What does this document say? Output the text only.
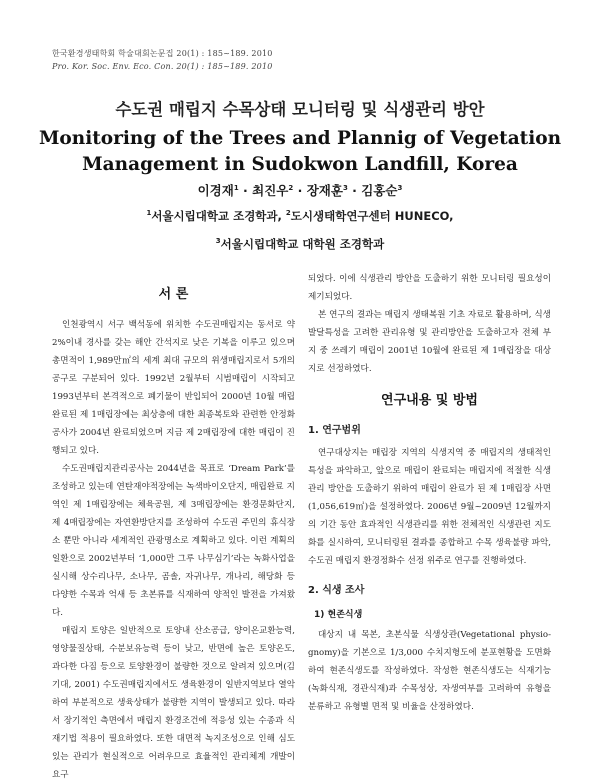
한국환경생태학회 학술대회논문집 20(1) : 185~189. 2010
Pro. Kor. Soc. Env. Eco. Con. 20(1) : 185~189. 2010
수도권 매립지 수목상태 모니터링 및 식생관리 방안
Monitoring of the Trees and Plannig of Vegetation Management in Sudokwon Landfill, Korea
이경재$^1$ · 최진우$^2$ · 장재훈$^3$ · 김홍순$^3$
$^1$서울시립대학교 조경학과, $^2$도시생태학연구센터 HUNECO,
$^3$서울시립대학교 대학원 조경학과
서 론

인천광역시 서구 백석동에 위치한 수도권매립지는 동서로 약 2%이내 경사를 갖는 해안 간석지로 낮은 기복을 이루고 있으며 총면적이 1,989만㎡의 세계 최대 규모의 위생매립지로서 5개의 공구로 구분되어 있다. 1992년 2월부터 시범매립이 시작되고 1993년부터 본격적으로 폐기물이 반입되어 2000년 10월 매립 완료된 제 1매립장에는 최상층에 대한 최종복토와 관련한 안정화공사가 2004년 완료되었으며 지금 제 2매립장에 대한 매립이 진행되고 있다.

수도권매립지관리공사는 2044년을 목표로 ‘Dream Park’를 조성하고 있는데 연탄재야적장에는 녹색바이오단지, 매립완료 지역인 제 1매립장에는 체육공원, 제 3매립장에는 환경문화단지, 제 4매립장에는 자연환방단지를 조성하여 수도권 주민의 휴식장소 뿐만 아니라 세계적인 관광명소로 계획하고 있다. 이런 계획의 일환으로 2002년부터 ‘1,000만 그루 나무심기’라는 녹화사업을 실시해 상수리나무, 소나무, 곰솔, 자귀나무, 개나리, 해당화 등 다양한 수목과 억새 등 초본류를 식재하여 양적인 발전을 가져왔다.

매립지 토양은 일반적으로 토양내 산소공급, 양이온교환능력, 영양물질상태, 수분보유능력 등이 낮고, 반면에 높은 토양온도, 과다한 다짐 등으로 토양환경이 불량한 것으로 알려져 있으며(김기대, 2001) 수도권매립지에서도 생육환경이 일반지역보다 열악하여 부분적으로 생육상태가 불량한 지역이 발생되고 있다. 따라서 장기적인 측면에서 매립지 환경조건에 적응성 있는 수종과 식재기법 적용이 필요하였다. 또한 대면적 녹지조성으로 인해 심도 있는 관리가 현실적으로 어려우므로 효율적인 관리체계 개발이 요구

되었다. 이에 식생관리 방안을 도출하기 위한 모니터링 필요성이 제기되었다.

본 연구의 결과는 매립지 생태복원 기초 자료로 활용하며, 식생발달특성을 고려한 관리유형 및 관리방안을 도출하고자 전체 부지 중 쓰레기 매립이 2001년 10월에 완료된 제 1매립장을 대상지로 선정하였다.

연구내용 및 방법
1. 연구범위

연구대상지는 매립장 지역의 식생지역 중 매립지의 생태적인 특성을 파악하고, 앞으로 매립이 완료되는 매립지에 적절한 식생관리 방안을 도출하기 위하여 매립이 완료가 된 제 1매립장 사면(1,056,619㎡)을 설정하였다. 2006년 9월~2009년 12월까지의 기간 동안 효과적인 식생관리를 위한 전체적인 식생관련 지도화를 실시하여, 모니터링된 결과를 종합하고 수목 생육불량 파악, 수도권 매립지 환경정화수 선정 위주로 연구를 진행하였다.

2. 식생 조사
1) 현존식생

대상지 내 목본, 초본식물 식생상관(Vegetational physio-gnomy)을 기본으로 1/3,000 수치지형도에 분포현황을 도면화하여 현존식생도를 작성하였다. 작성한 현존식생도는 식재기능(녹화식재, 경관식재)과 수목성상, 자생여부를 고려하여 유형을 분류하고 유형별 면적 및 비율을 산정하였다.
